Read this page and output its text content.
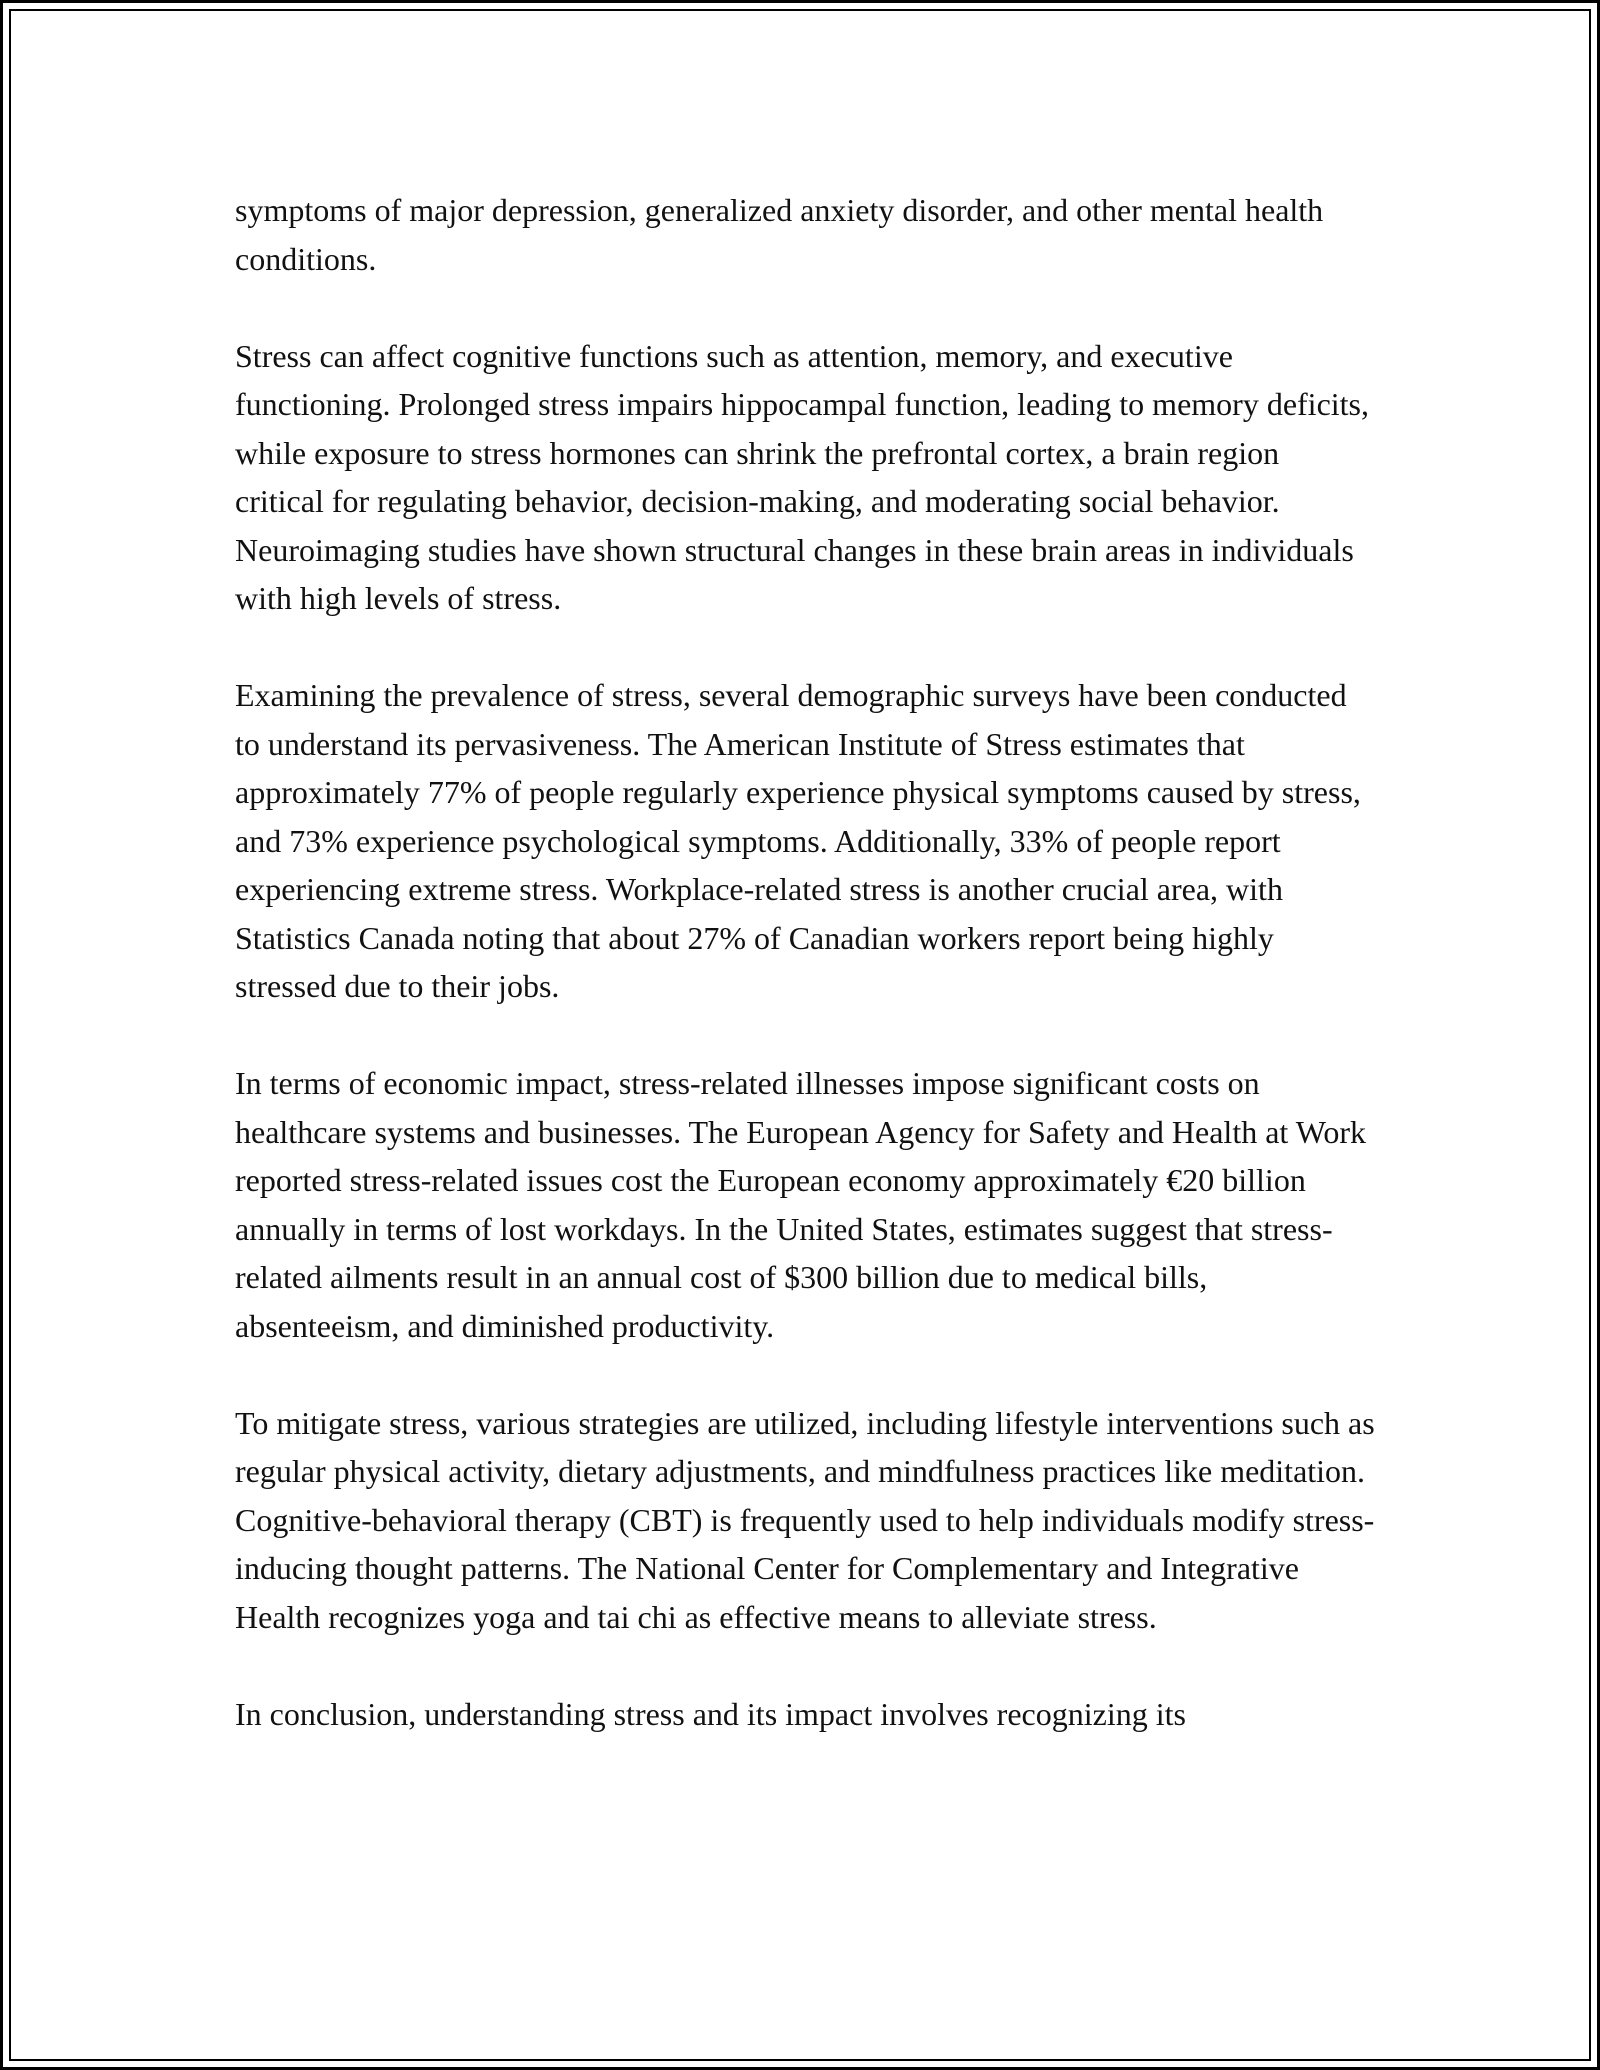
symptoms of major depression, generalized anxiety disorder, and other mental health conditions.

Stress can affect cognitive functions such as attention, memory, and executive functioning. Prolonged stress impairs hippocampal function, leading to memory deficits, while exposure to stress hormones can shrink the prefrontal cortex, a brain region critical for regulating behavior, decision-making, and moderating social behavior. Neuroimaging studies have shown structural changes in these brain areas in individuals with high levels of stress.

Examining the prevalence of stress, several demographic surveys have been conducted to understand its pervasiveness. The American Institute of Stress estimates that approximately 77% of people regularly experience physical symptoms caused by stress, and 73% experience psychological symptoms. Additionally, 33% of people report experiencing extreme stress. Workplace-related stress is another crucial area, with Statistics Canada noting that about 27% of Canadian workers report being highly stressed due to their jobs.

In terms of economic impact, stress-related illnesses impose significant costs on healthcare systems and businesses. The European Agency for Safety and Health at Work reported stress-related issues cost the European economy approximately €20 billion annually in terms of lost workdays. In the United States, estimates suggest that stress-related ailments result in an annual cost of $300 billion due to medical bills, absenteeism, and diminished productivity.

To mitigate stress, various strategies are utilized, including lifestyle interventions such as regular physical activity, dietary adjustments, and mindfulness practices like meditation. Cognitive-behavioral therapy (CBT) is frequently used to help individuals modify stress-inducing thought patterns. The National Center for Complementary and Integrative Health recognizes yoga and tai chi as effective means to alleviate stress.

In conclusion, understanding stress and its impact involves recognizing its
